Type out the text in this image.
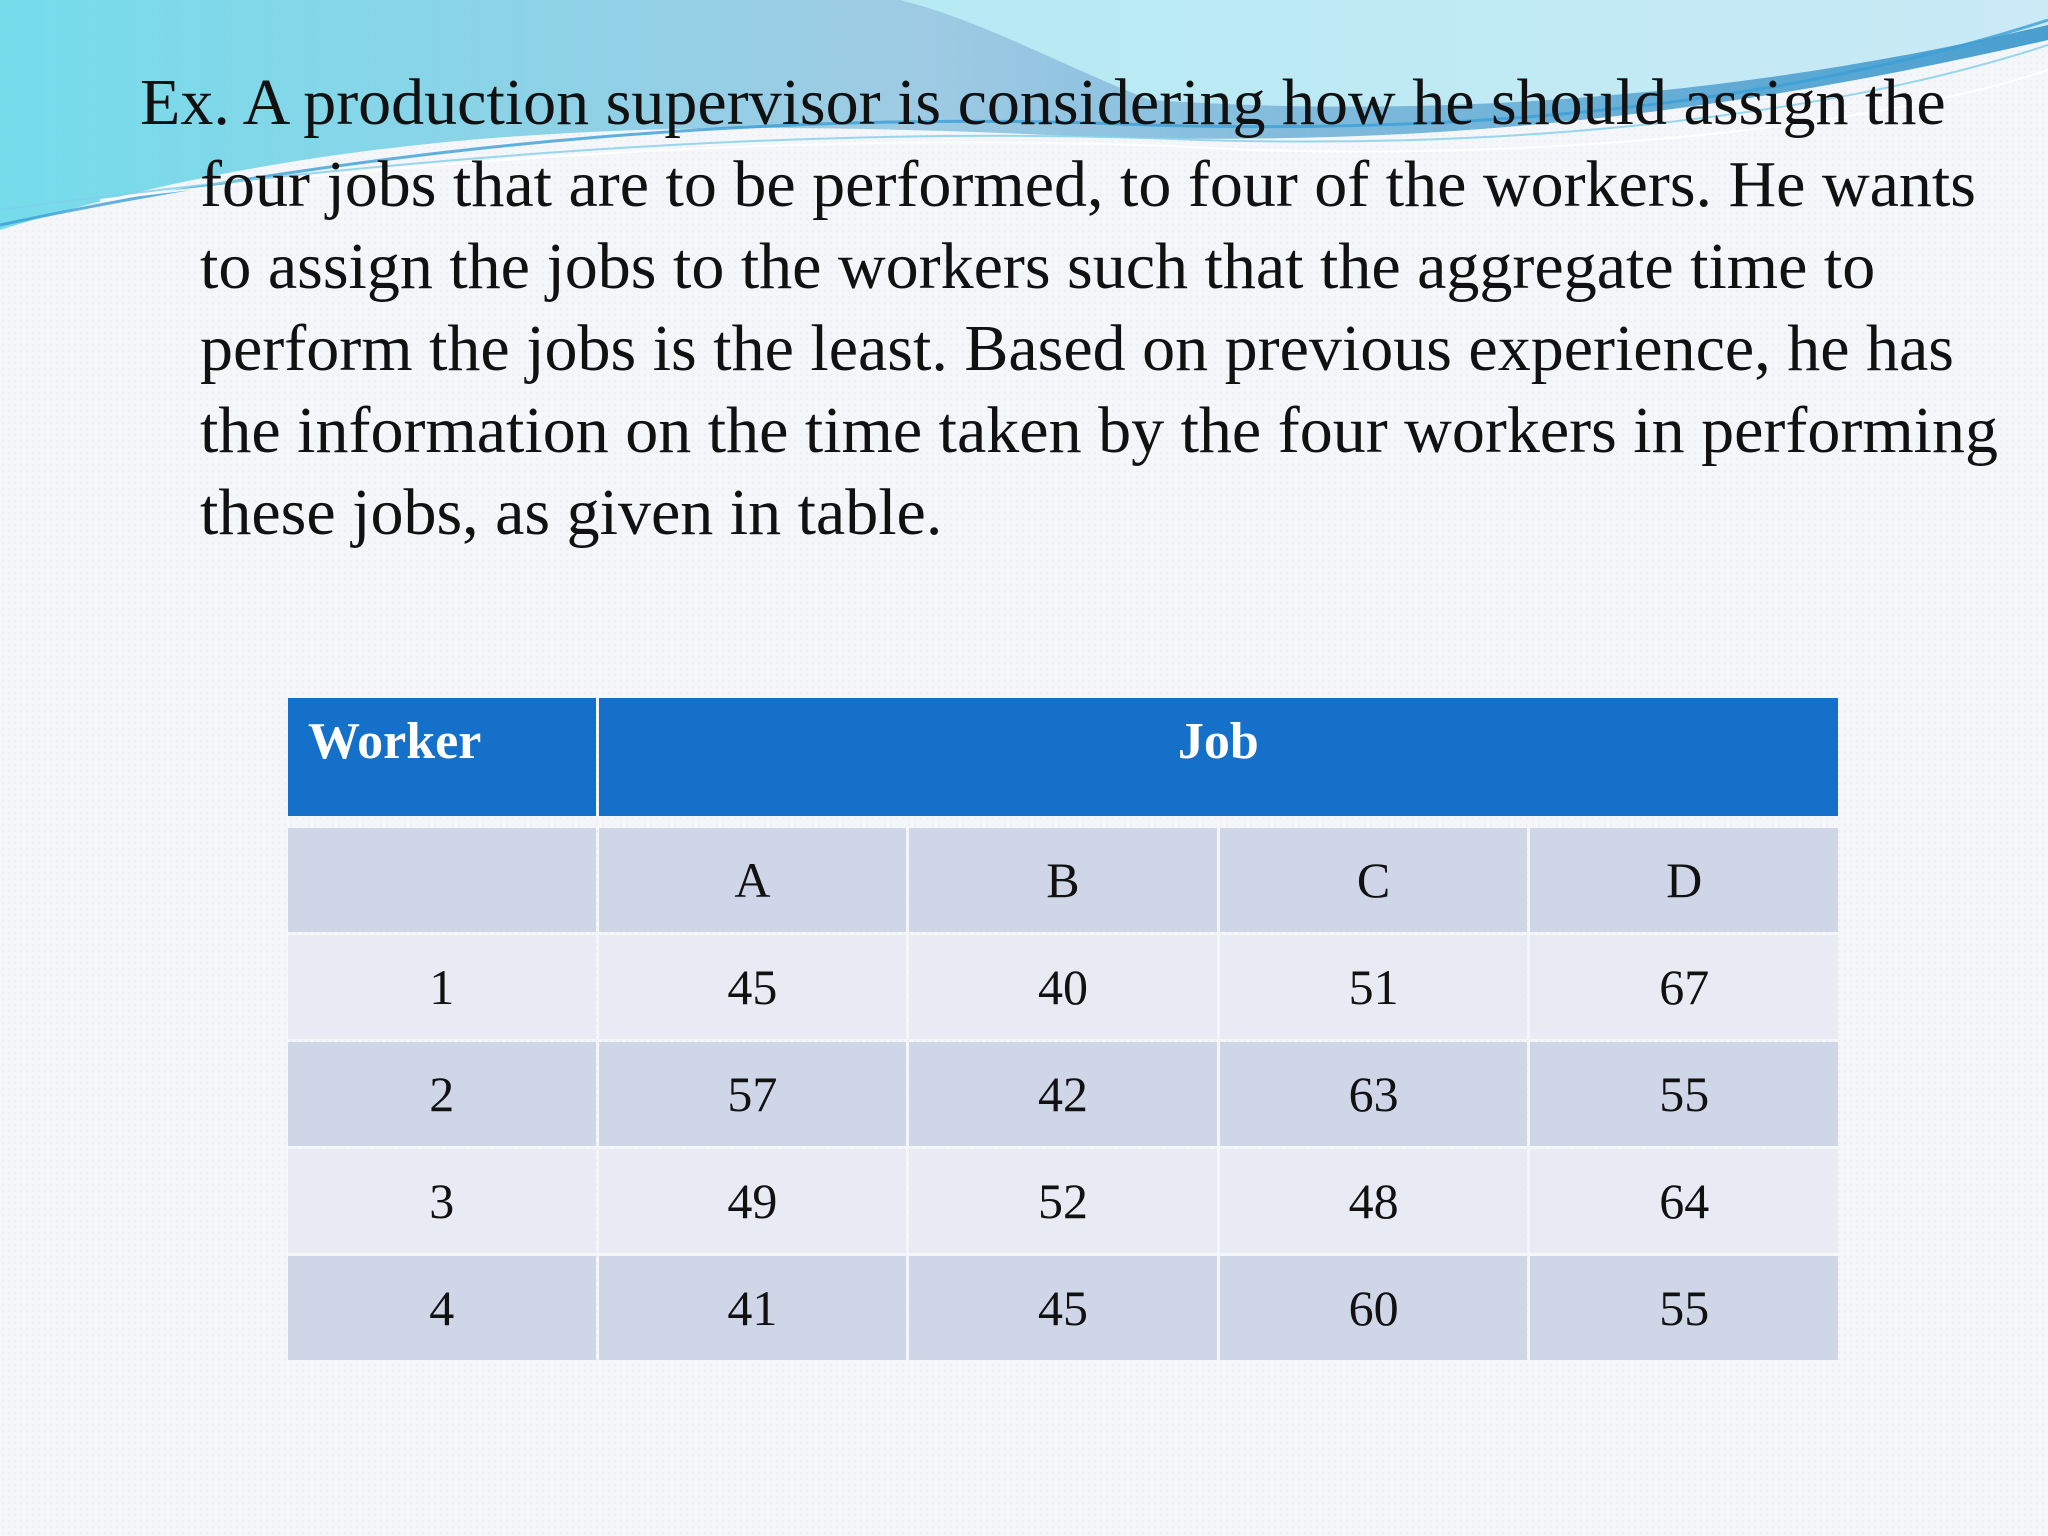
Ex. A production supervisor is considering how he should assign the four jobs that are to be performed, to four of the workers. He wants to assign the jobs to the workers such that the aggregate time to perform the jobs is the least. Based on previous experience, he has the information on the time taken by the four workers in performing these jobs, as given in table.

Worker	Job			

	A	B	C	D
1	45	40	51	67
2	57	42	63	55
3	49	52	48	64
4	41	45	60	55
